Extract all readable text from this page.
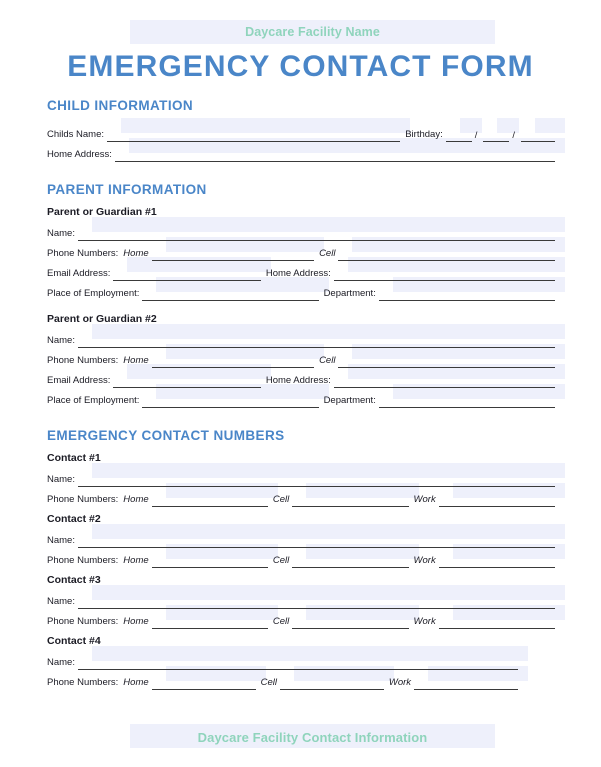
Daycare Facility Name
EMERGENCY CONTACT FORM
CHILD INFORMATION
Childs Name:	Birthday:	/	/
Home Address:
PARENT INFORMATION
Parent or Guardian #1
Name:
Phone Numbers: Home	Cell
Email Address:	Home Address:
Place of Employment:	Department:
Parent or Guardian #2
Name:
Phone Numbers: Home	Cell
Email Address:	Home Address:
Place of Employment:	Department:
EMERGENCY CONTACT NUMBERS
Contact #1
Name:
Phone Numbers: Home	Cell	Work
Contact #2
Name:
Phone Numbers: Home	Cell	Work
Contact #3
Name:
Phone Numbers: Home	Cell	Work
Contact #4
Name:
Phone Numbers: Home	Cell	Work
Daycare Facility Contact Information
